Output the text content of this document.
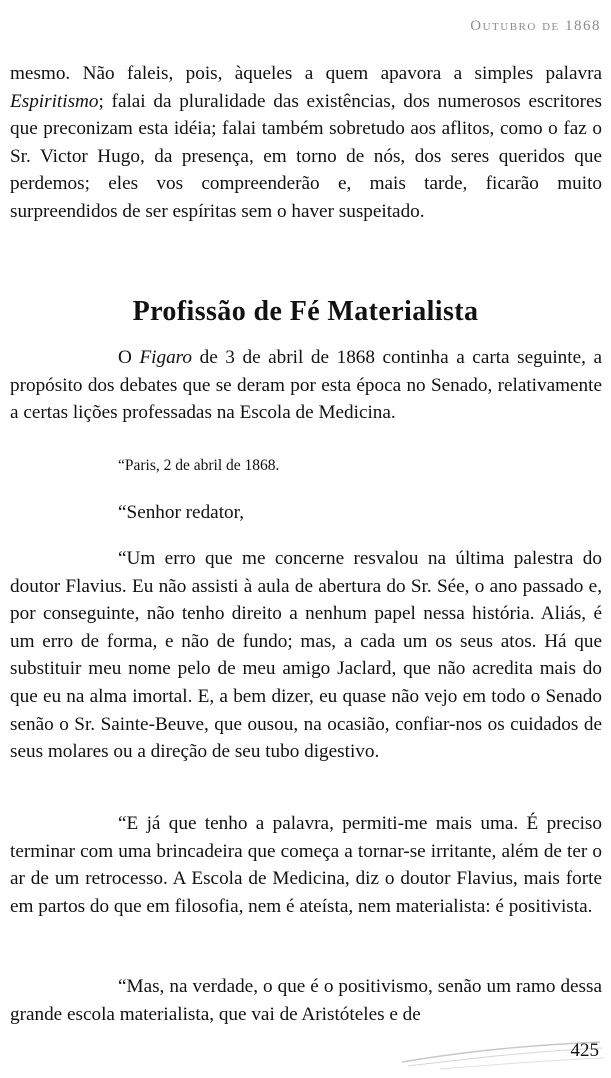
Outubro de 1868

mesmo. Não faleis, pois, àqueles a quem apavora a simples palavra Espiritismo; falai da pluralidade das existências, dos numerosos escritores que preconizam esta idéia; falai também sobretudo aos aflitos, como o faz o Sr. Victor Hugo, da presença, em torno de nós, dos seres queridos que perdemos; eles vos compreenderão e, mais tarde, ficarão muito surpreendidos de ser espíritas sem o haver suspeitado.

Profissão de Fé Materialista

O Figaro de 3 de abril de 1868 continha a carta seguinte, a propósito dos debates que se deram por esta época no Senado, relativamente a certas lições professadas na Escola de Medicina.

“Paris, 2 de abril de 1868.
“Senhor redator,

“Um erro que me concerne resvalou na última palestra do doutor Flavius. Eu não assisti à aula de abertura do Sr. Sée, o ano passado e, por conseguinte, não tenho direito a nenhum papel nessa história. Aliás, é um erro de forma, e não de fundo; mas, a cada um os seus atos. Há que substituir meu nome pelo de meu amigo Jaclard, que não acredita mais do que eu na alma imortal. E, a bem dizer, eu quase não vejo em todo o Senado senão o Sr. Sainte-Beuve, que ousou, na ocasião, confiar-nos os cuidados de seus molares ou a direção de seu tubo digestivo.

“E já que tenho a palavra, permiti-me mais uma. É preciso terminar com uma brincadeira que começa a tornar-se irritante, além de ter o ar de um retrocesso. A Escola de Medicina, diz o doutor Flavius, mais forte em partos do que em filosofia, nem é ateísta, nem materialista: é positivista.

“Mas, na verdade, o que é o positivismo, senão um ramo dessa grande escola materialista, que vai de Aristóteles e de

425
